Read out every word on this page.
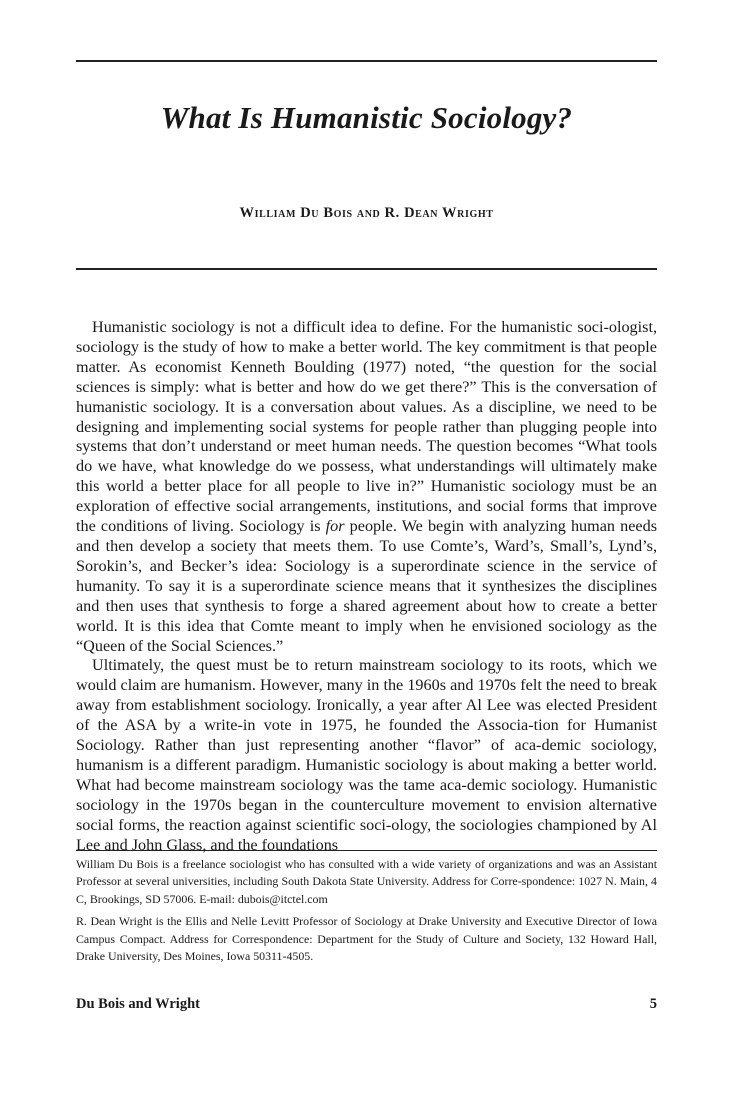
What Is Humanistic Sociology?
William Du Bois and R. Dean Wright

Humanistic sociology is not a difficult idea to define. For the humanistic soci-ologist, sociology is the study of how to make a better world. The key commitment is that people matter. As economist Kenneth Boulding (1977) noted, “the question for the social sciences is simply: what is better and how do we get there?” This is the conversation of humanistic sociology. It is a conversation about values. As a discipline, we need to be designing and implementing social systems for people rather than plugging people into systems that don’t understand or meet human needs. The question becomes “What tools do we have, what knowledge do we possess, what understandings will ultimately make this world a better place for all people to live in?” Humanistic sociology must be an exploration of effective social arrangements, institutions, and social forms that improve the conditions of living. Sociology is for people. We begin with analyzing human needs and then develop a society that meets them. To use Comte’s, Ward’s, Small’s, Lynd’s, Sorokin’s, and Becker’s idea: Sociology is a superordinate science in the service of humanity. To say it is a superordinate science means that it synthesizes the disciplines and then uses that synthesis to forge a shared agreement about how to create a better world. It is this idea that Comte meant to imply when he envisioned sociology as the “Queen of the Social Sciences.”

Ultimately, the quest must be to return mainstream sociology to its roots, which we would claim are humanism. However, many in the 1960s and 1970s felt the need to break away from establishment sociology. Ironically, a year after Al Lee was elected President of the ASA by a write-in vote in 1975, he founded the Associa-tion for Humanist Sociology. Rather than just representing another “flavor” of aca-demic sociology, humanism is a different paradigm. Humanistic sociology is about making a better world. What had become mainstream sociology was the tame aca-demic sociology. Humanistic sociology in the 1970s began in the counterculture movement to envision alternative social forms, the reaction against scientific soci-ology, the sociologies championed by Al Lee and John Glass, and the foundations

William Du Bois is a freelance sociologist who has consulted with a wide variety of organizations and was an Assistant Professor at several universities, including South Dakota State University. Address for Corre-spondence: 1027 N. Main, 4 C, Brookings, SD 57006. E-mail: dubois@itctel.com

R. Dean Wright is the Ellis and Nelle Levitt Professor of Sociology at Drake University and Executive Director of Iowa Campus Compact. Address for Correspondence: Department for the Study of Culture and Society, 132 Howard Hall, Drake University, Des Moines, Iowa 50311-4505.

Du Bois and Wright	5
